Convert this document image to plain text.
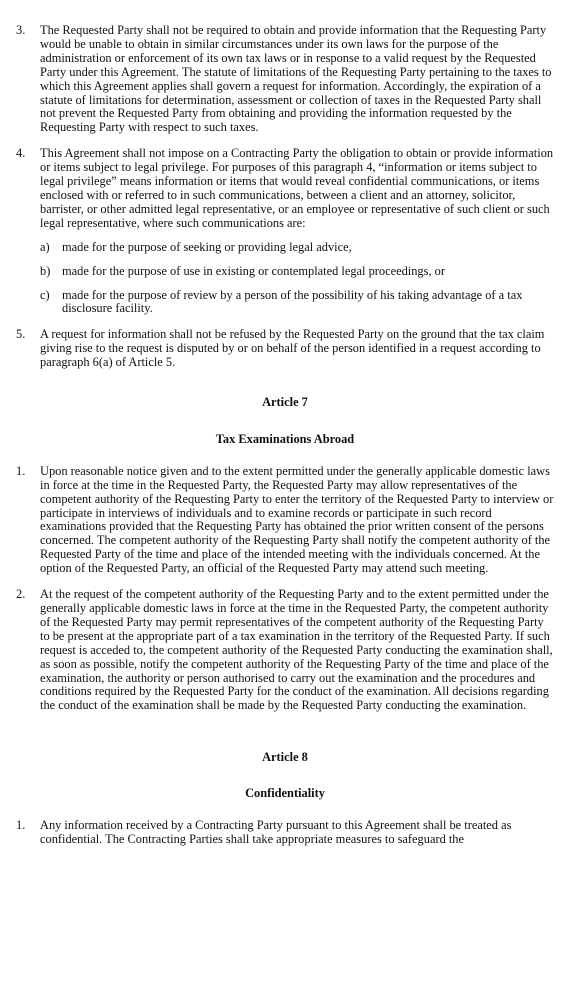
3. The Requested Party shall not be required to obtain and provide information that the Requesting Party would be unable to obtain in similar circumstances under its own laws for the purpose of the administration or enforcement of its own tax laws or in response to a valid request by the Requested Party under this Agreement. The statute of limitations of the Requesting Party pertaining to the taxes to which this Agreement applies shall govern a request for information. Accordingly, the expiration of a statute of limitations for determination, assessment or collection of taxes in the Requested Party shall not prevent the Requested Party from obtaining and providing the information requested by the Requesting Party with respect to such taxes.
4. This Agreement shall not impose on a Contracting Party the obligation to obtain or provide information or items subject to legal privilege. For purposes of this paragraph 4, “information or items subject to legal privilege” means information or items that would reveal confidential communications, or items enclosed with or referred to in such communications, between a client and an attorney, solicitor, barrister, or other admitted legal representative, or an employee or representative of such client or such legal representative, where such communications are:
a) made for the purpose of seeking or providing legal advice,
b) made for the purpose of use in existing or contemplated legal proceedings, or
c) made for the purpose of review by a person of the possibility of his taking advantage of a tax disclosure facility.
5. A request for information shall not be refused by the Requested Party on the ground that the tax claim giving rise to the request is disputed by or on behalf of the person identified in a request according to paragraph 6(a) of Article 5.

Article 7

Tax Examinations Abroad

1. Upon reasonable notice given and to the extent permitted under the generally applicable domestic laws in force at the time in the Requested Party, the Requested Party may allow representatives of the competent authority of the Requesting Party to enter the territory of the Requested Party to interview or participate in interviews of individuals and to examine records or participate in such record examinations provided that the Requesting Party has obtained the prior written consent of the persons concerned. The competent authority of the Requesting Party shall notify the competent authority of the Requested Party of the time and place of the intended meeting with the individuals concerned. At the option of the Requested Party, an official of the Requested Party may attend such meeting.
2. At the request of the competent authority of the Requesting Party and to the extent permitted under the generally applicable domestic laws in force at the time in the Requested Party, the competent authority of the Requested Party may permit representatives of the competent authority of the Requesting Party to be present at the appropriate part of a tax examination in the territory of the Requested Party. If such request is acceded to, the competent authority of the Requested Party conducting the examination shall, as soon as possible, notify the competent authority of the Requesting Party of the time and place of the examination, the authority or person authorised to carry out the examination and the procedures and conditions required by the Requested Party for the conduct of the examination. All decisions regarding the conduct of the examination shall be made by the Requested Party conducting the examination.

Article 8

Confidentiality

1. Any information received by a Contracting Party pursuant to this Agreement shall be treated as confidential. The Contracting Parties shall take appropriate measures to safeguard the
